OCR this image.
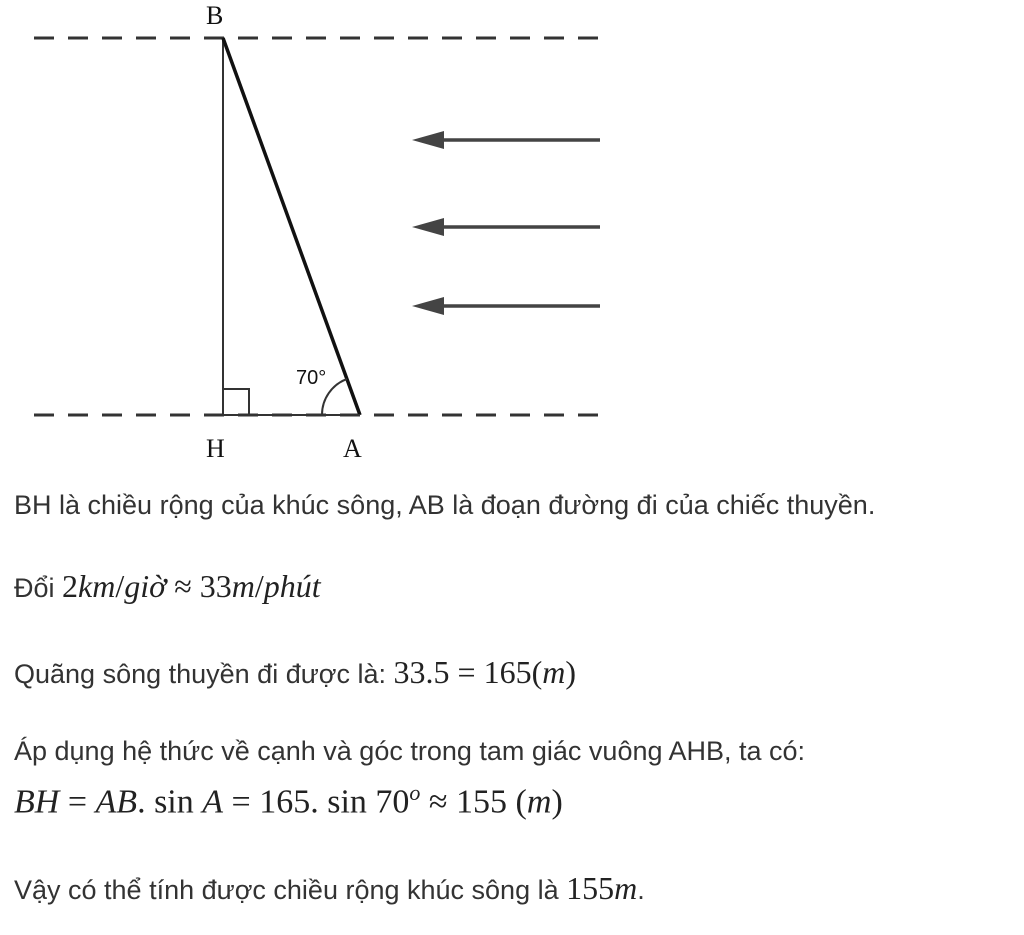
B
H	A
70°
BH là chiều rộng của khúc sông, AB là đoạn đường đi của chiếc thuyền.
Đổi 2km/giờ ≈ 33m/phút
Quãng sông thuyền đi được là: 33.5 = 165(m)
Áp dụng hệ thức về cạnh và góc trong tam giác vuông AHB, ta có:
BH = AB. sin A = 165. $\sin 70^o \approx 155$ (m)
Vậy có thể tính được chiều rộng khúc sông là 155m.
